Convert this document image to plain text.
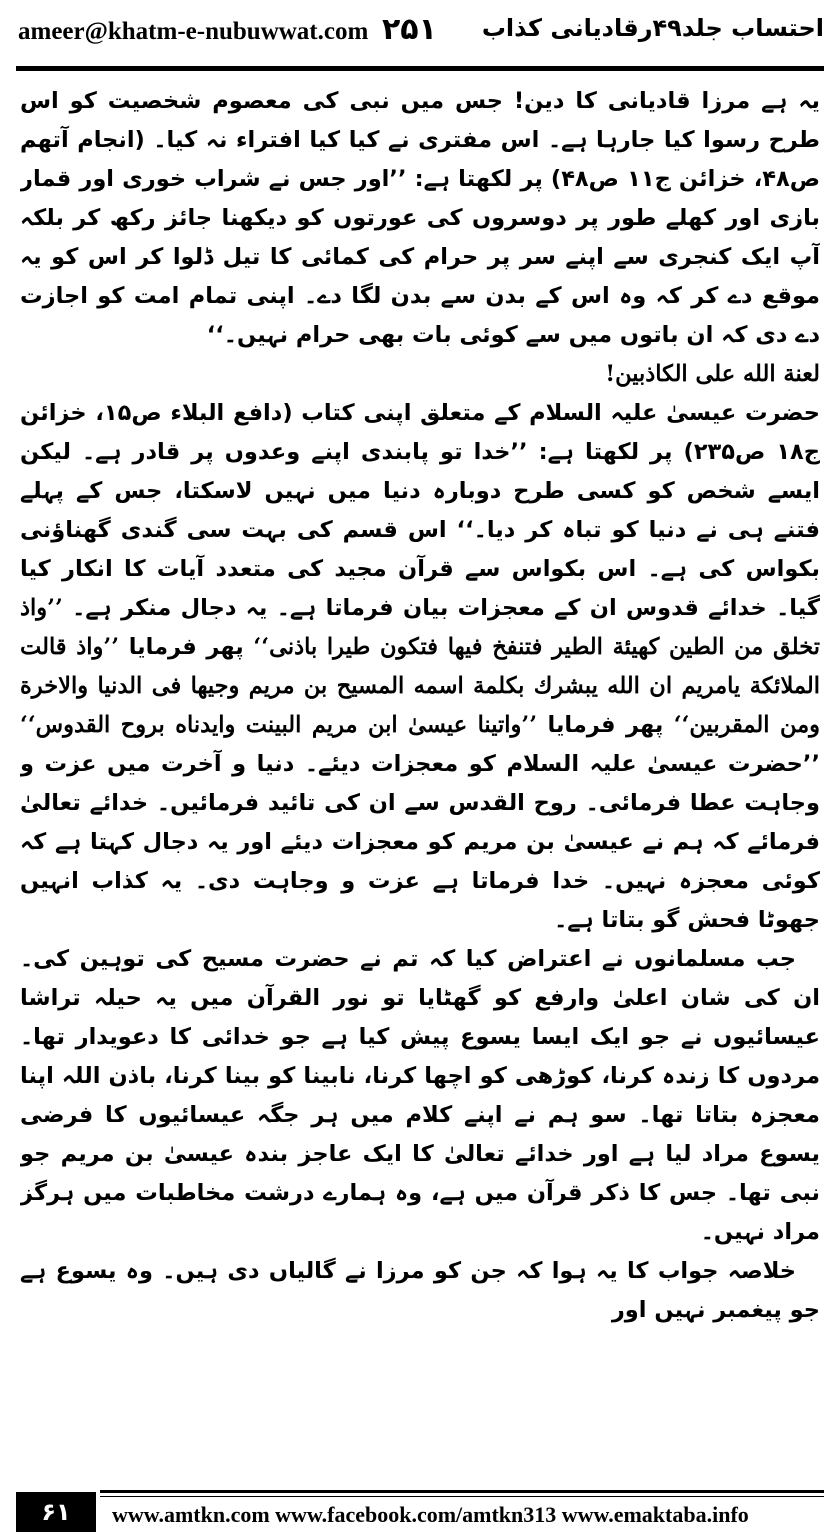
ameer@khatm-e-nubuwwat.com ۲۵۱ احتساب جلد۴۹رقادیانی کذاب

یہ ہے مرزا قادیانی کا دین! جس میں نبی کی معصوم شخصیت کو اس طرح رسوا کیا جارہا ہے۔ اس مفتری نے کیا کیا افتراء نہ کیا۔ (انجام آتھم ص۴۸، خزائن ج۱۱ ص۴۸) پر لکھتا ہے: ’’اور جس نے شراب خوری اور قمار بازی اور کھلے طور پر دوسروں کی عورتوں کو دیکھنا جائز رکھ کر بلکہ آپ ایک کنجری سے اپنے سر پر حرام کی کمائی کا تیل ڈلوا کر اس کو یہ موقع دے کر کہ وہ اس کے بدن سے بدن لگا دے۔ اپنی تمام امت کو اجازت دے دی کہ ان باتوں میں سے کوئی بات بھی حرام نہیں۔‘‘

لعنة الله علی الکاذبین!

حضرت عیسیٰ علیہ السلام کے متعلق اپنی کتاب (دافع البلاء ص۱۵، خزائن ج۱۸ ص۲۳۵) پر لکھتا ہے: ’’خدا تو پابندی اپنے وعدوں پر قادر ہے۔ لیکن ایسے شخص کو کسی طرح دوبارہ دنیا میں نہیں لاسکتا، جس کے پہلے فتنے ہی نے دنیا کو تباہ کر دیا۔‘‘ اس قسم کی بہت سی گندی گھناؤنی بکواس کی ہے۔ اس بکواس سے قرآن مجید کی متعدد آیات کا انکار کیا گیا۔ خدائے قدوس ان کے معجزات بیان فرماتا ہے۔ یہ دجال منکر ہے۔ ’’واذ تخلق من الطین کهیئة الطیر فتنفخ فیها فتکون طیرا باذنی‘‘ پھر فرمایا ’’واذ قالت الملائکة یامریم ان الله یبشرك بكلمة اسمه المسیح بن مریم وجیها فی الدنیا والاخرة ومن المقربین‘‘ پھر فرمایا ’’واتینا عیسیٰ ابن مریم البینت وایدناه بروح القدوس‘‘ ’’حضرت عیسیٰ علیہ السلام کو معجزات دیئے۔ دنیا و آخرت میں عزت و وجاہت عطا فرمائی۔ روح القدس سے ان کی تائید فرمائیں۔ خدائے تعالیٰ فرمائے کہ ہم نے عیسیٰ بن مریم کو معجزات دیئے اور یہ دجال کہتا ہے کہ کوئی معجزہ نہیں۔ خدا فرماتا ہے عزت و وجاہت دی۔ یہ کذاب انہیں جھوٹا فحش گو بتاتا ہے۔

جب مسلمانوں نے اعتراض کیا کہ تم نے حضرت مسیح کی توہین کی۔ ان کی شان اعلیٰ وارفع کو گھٹایا تو نور القرآن میں یہ حیلہ تراشا عیسائیوں نے جو ایک ایسا یسوع پیش کیا ہے جو خدائی کا دعویدار تھا۔ مردوں کا زندہ کرنا، کوڑھی کو اچھا کرنا، نابینا کو بینا کرنا، باذن اللہ اپنا معجزہ بتاتا تھا۔ سو ہم نے اپنے کلام میں ہر جگہ عیسائیوں کا فرضی یسوع مراد لیا ہے اور خدائے تعالیٰ کا ایک عاجز بندہ عیسیٰ بن مریم جو نبی تھا۔ جس کا ذکر قرآن میں ہے، وہ ہمارے درشت مخاطبات میں ہرگز مراد نہیں۔

خلاصہ جواب کا یہ ہوا کہ جن کو مرزا نے گالیاں دی ہیں۔ وہ یسوع ہے جو پیغمبر نہیں اور

۶۱	www.amtkn.com www.facebook.com/amtkn313 www.emaktaba.info
